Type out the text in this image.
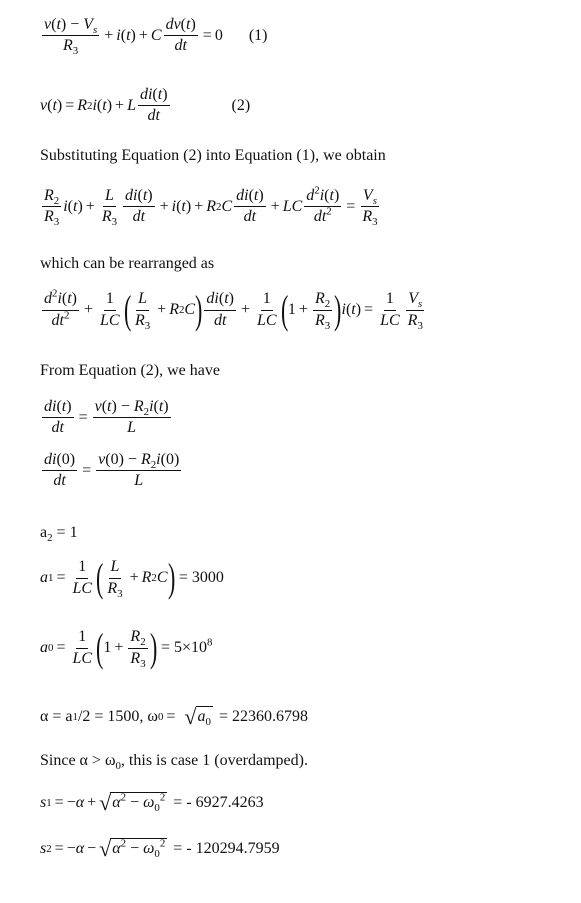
$\frac{v(t) - V_s}{R_3} + i$ ( t ) + C $\frac{dv(t)}{dt} = 0$ (1)
v ( t ) = R 2 i ( t ) + L $\frac{di(t)}{dt}$	(2)
Substituting Equation (2) into Equation (1), we obtain
$\frac{R_2}{R_3}$ i ( t ) + $\frac{L}{R_3} \frac{di(t)}{dt} + i$ ( t ) + R 2 C $\frac{di(t)}{dt}$ + LC $\frac{d^2i(t)}{dt^2} = \frac{V_s}{R_3}$
which can be rearranged as
$\frac{d^2i(t)}{dt^2} + \frac{1}{LC}$ ( $\frac{L}{R_3} + R$ 2 C ) $\frac{di(t)}{dt} + \frac{1}{LC}$ ( $1 + \frac{R_2}{R_3}$ ) i ( t ) = $\frac{1}{LC} \frac{V_s}{R_3}$
From Equation (2), we have
$\frac{di(t)}{dt} = \frac{v(t) - R_2i(t)}{L}$
$\frac{di(0)}{dt} = \frac{v(0) - R_2i(0)}{L}$
$a_2 = 1$
a $1 = \frac{1}{LC}$ ( $\frac{L}{R_3} + R$ 2 C ) = 3000
a $0 = \frac{1}{LC}$ ( $1 + \frac{R_2}{R_3}$ ) = $5\times 10^8$
α = a 1 /2 = 1500, ω 0 = √ $a_0 = 22360.6798$
Since $\alpha > \omega_0$, this is case 1 (overdamped).
s 1 = − α + √ $\alpha^2 - \omega_0^2$ = - 6927.4263
s 2 = − α − √ $\alpha^2 - \omega_0^2$ = - 120294.7959
